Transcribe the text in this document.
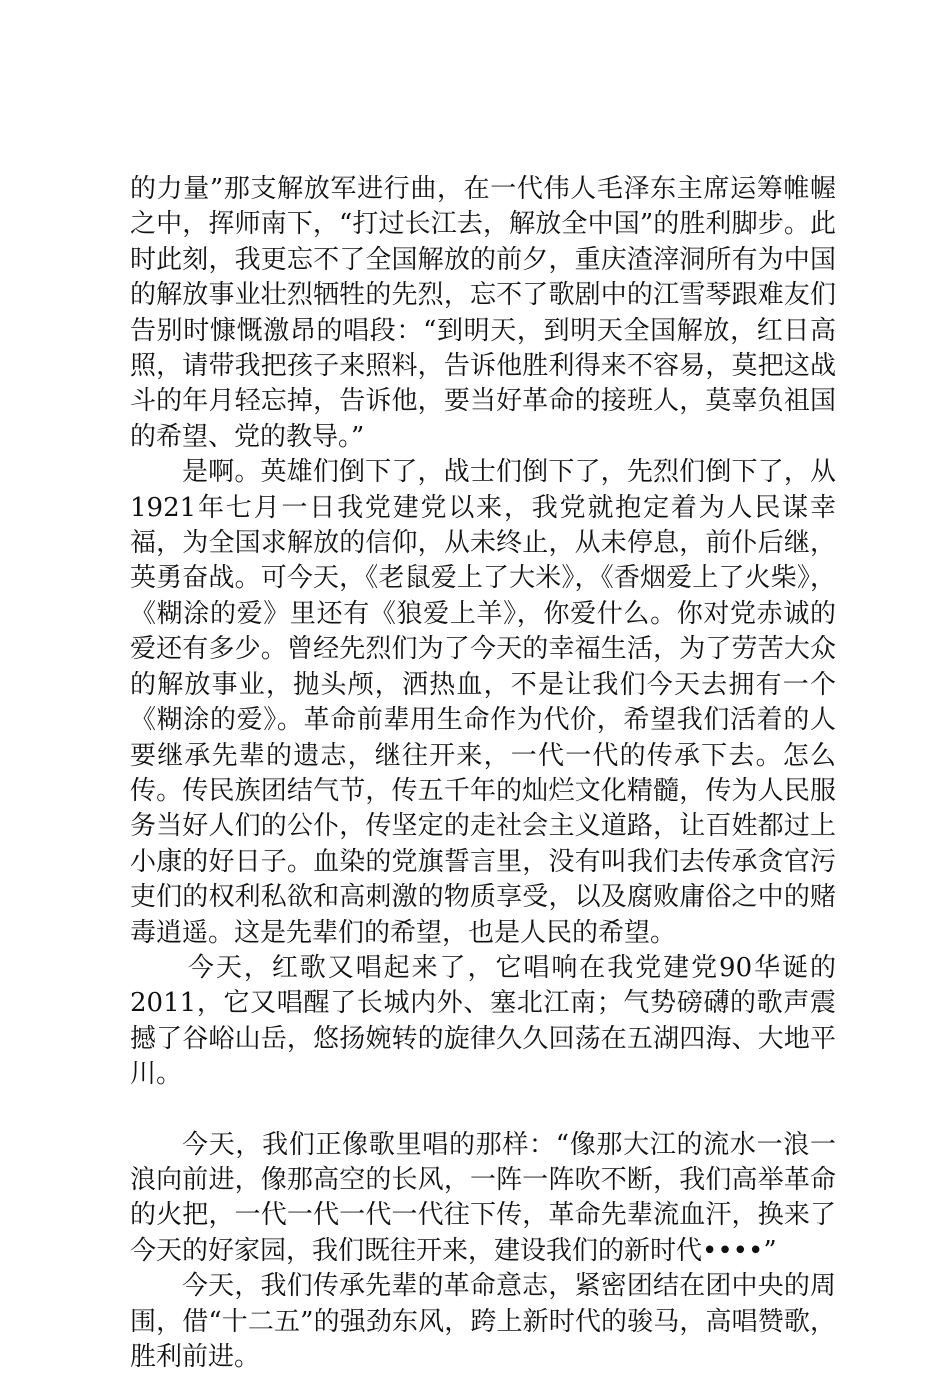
的力量”那支解放军进行曲，在一代伟人毛泽东主席运筹帷幄之中，挥师南下，“打过长江去，解放全中国”的胜利脚步。此时此刻，我更忘不了全国解放的前夕，重庆渣滓洞所有为中国的解放事业壮烈牺牲的先烈，忘不了歌剧中的江雪琴跟难友们告别时慷慨激昂的唱段：“到明天，到明天全国解放，红日高照，请带我把孩子来照料，告诉他胜利得来不容易，莫把这战斗的年月轻忘掉，告诉他，要当好革命的接班人，莫辜负祖国的希望、党的教导。”

是啊。英雄们倒下了，战士们倒下了，先烈们倒下了，从1921年七月一日我党建党以来，我党就抱定着为人民谋幸福，为全国求解放的信仰，从未终止，从未停息，前仆后继，英勇奋战。可今天，《老鼠爱上了大米》，《香烟爱上了火柴》，《糊涂的爱》里还有《狼爱上羊》，你爱什么。你对党赤诚的爱还有多少。曾经先烈们为了今天的幸福生活，为了劳苦大众的解放事业，抛头颅，洒热血，不是让我们今天去拥有一个《糊涂的爱》。革命前辈用生命作为代价，希望我们活着的人要继承先辈的遗志，继往开来，一代一代的传承下去。怎么传。传民族团结气节，传五千年的灿烂文化精髓，传为人民服务当好人们的公仆，传坚定的走社会主义道路，让百姓都过上小康的好日子。血染的党旗誓言里，没有叫我们去传承贪官污吏们的权利私欲和高刺激的物质享受，以及腐败庸俗之中的赌毒逍遥。这是先辈们的希望，也是人民的希望。

今天，红歌又唱起来了，它唱响在我党建党90华诞的2011，它又唱醒了长城内外、塞北江南；气势磅礴的歌声震撼了谷峪山岳，悠扬婉转的旋律久久回荡在五湖四海、大地平川。

今天，我们正像歌里唱的那样：“像那大江的流水一浪一浪向前进，像那高空的长风，一阵一阵吹不断，我们高举革命的火把，一代一代一代一代往下传，革命先辈流血汗，换来了今天的好家园，我们既往开来，建设我们的新时代••••”

今天，我们传承先辈的革命意志，紧密团结在团中央的周围，借“十二五”的强劲东风，跨上新时代的骏马，高唱赞歌，胜利前进。
